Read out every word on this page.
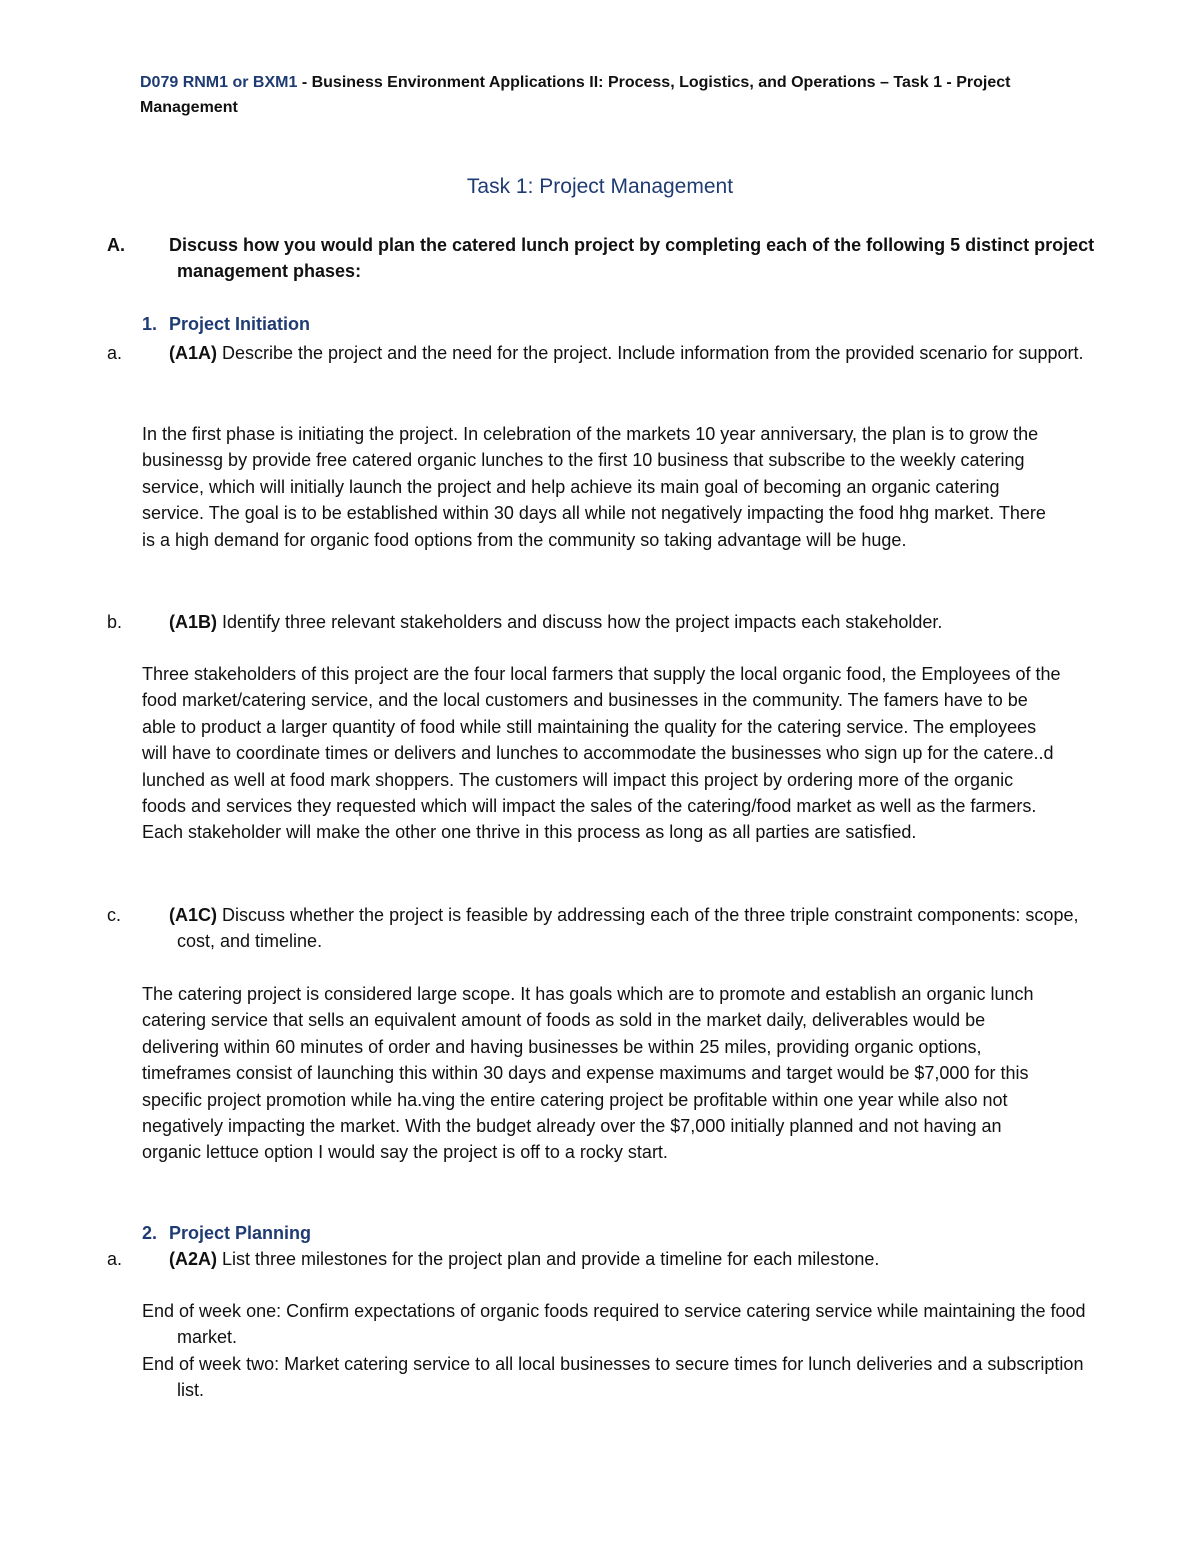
D079 RNM1 or BXM1 - Business Environment Applications II: Process, Logistics, and Operations – Task 1 - Project Management
Task 1: Project Management
A. Discuss how you would plan the catered lunch project by completing each of the following 5 distinct project management phases:
1. Project Initiation
a.	(A1A) Describe the project and the need for the project. Include information from the provided scenario for support.
In the first phase is initiating the project. In celebration of the markets 10 year anniversary, the plan is to grow the businessg by provide free catered organic lunches to the first 10 business that subscribe to the weekly catering service, which will initially launch the project and help achieve its main goal of becoming an organic catering service. The goal is to be established within 30 days all while not negatively impacting the food hhg market. There is a high demand for organic food options from the community so taking advantage will be huge.
b.	(A1B) Identify three relevant stakeholders and discuss how the project impacts each stakeholder.
Three stakeholders of this project are the four local farmers that supply the local organic food, the Employees of the food market/catering service, and the local customers and businesses in the community. The famers have to be able to product a larger quantity of food while still maintaining the quality for the catering service. The employees will have to coordinate times or delivers and lunches to accommodate the businesses who sign up for the catere..d lunched as well at food mark shoppers. The customers will impact this project by ordering more of the organic foods and services they requested which will impact the sales of the catering/food market as well as the farmers. Each stakeholder will make the other one thrive in this process as long as all parties are satisfied.
c.	(A1C) Discuss whether the project is feasible by addressing each of the three triple constraint components: scope, cost, and timeline.
The catering project is considered large scope. It has goals which are to promote and establish an organic lunch catering service that sells an equivalent amount of foods as sold in the market daily, deliverables would be delivering within 60 minutes of order and having businesses be within 25 miles, providing organic options, timeframes consist of launching this within 30 days and expense maximums and target would be $7,000 for this specific project promotion while ha.ving the entire catering project be profitable within one year while also not negatively impacting the market. With the budget already over the $7,000 initially planned and not having an organic lettuce option I would say the project is off to a rocky start.
2. Project Planning
a.	(A2A) List three milestones for the project plan and provide a timeline for each milestone.
End of week one: Confirm expectations of organic foods required to service catering service while maintaining the food market.
End of week two: Market catering service to all local businesses to secure times for lunch deliveries and a subscription list.
